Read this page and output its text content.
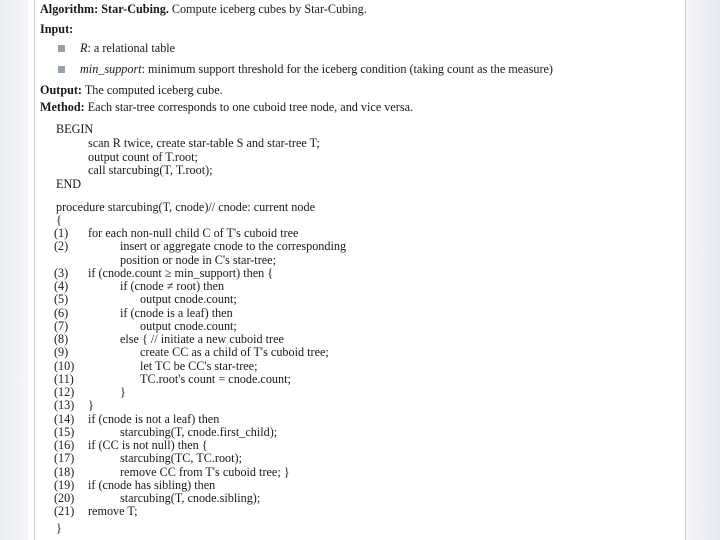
Algorithm: Star-Cubing. Compute iceberg cubes by Star-Cubing.
Input:
R: a relational table
min_support: minimum support threshold for the iceberg condition (taking count as the measure)
Output: The computed iceberg cube.
Method: Each star-tree corresponds to one cuboid tree node, and vice versa.
BEGIN
scan R twice, create star-table S and star-tree T;
output count of T.root;
call starcubing(T, T.root);
END
procedure starcubing(T, cnode)// cnode: current node
{
(1) for each non-null child C of T's cuboid tree
(2)	insert or aggregate cnode to the corresponding
position or node in C's star-tree;
(3) if (cnode.count ≥ min_support) then {
(4)	if (cnode ≠ root) then
(5)	output cnode.count;
(6)	if (cnode is a leaf) then
(7)	output cnode.count;
(8)	else { // initiate a new cuboid tree
(9)	create CC as a child of T's cuboid tree;
(10)	let TC be CC's star-tree;
(11)	TC.root's count = cnode.count;
(12)	}
(13) }
(14) if (cnode is not a leaf) then
(15)	starcubing(T, cnode.first_child);
(16) if (CC is not null) then {
(17)	starcubing(TC, TC.root);
(18)	remove CC from T's cuboid tree; }
(19) if (cnode has sibling) then
(20)	starcubing(T, cnode.sibling);
(21) remove T;
}
